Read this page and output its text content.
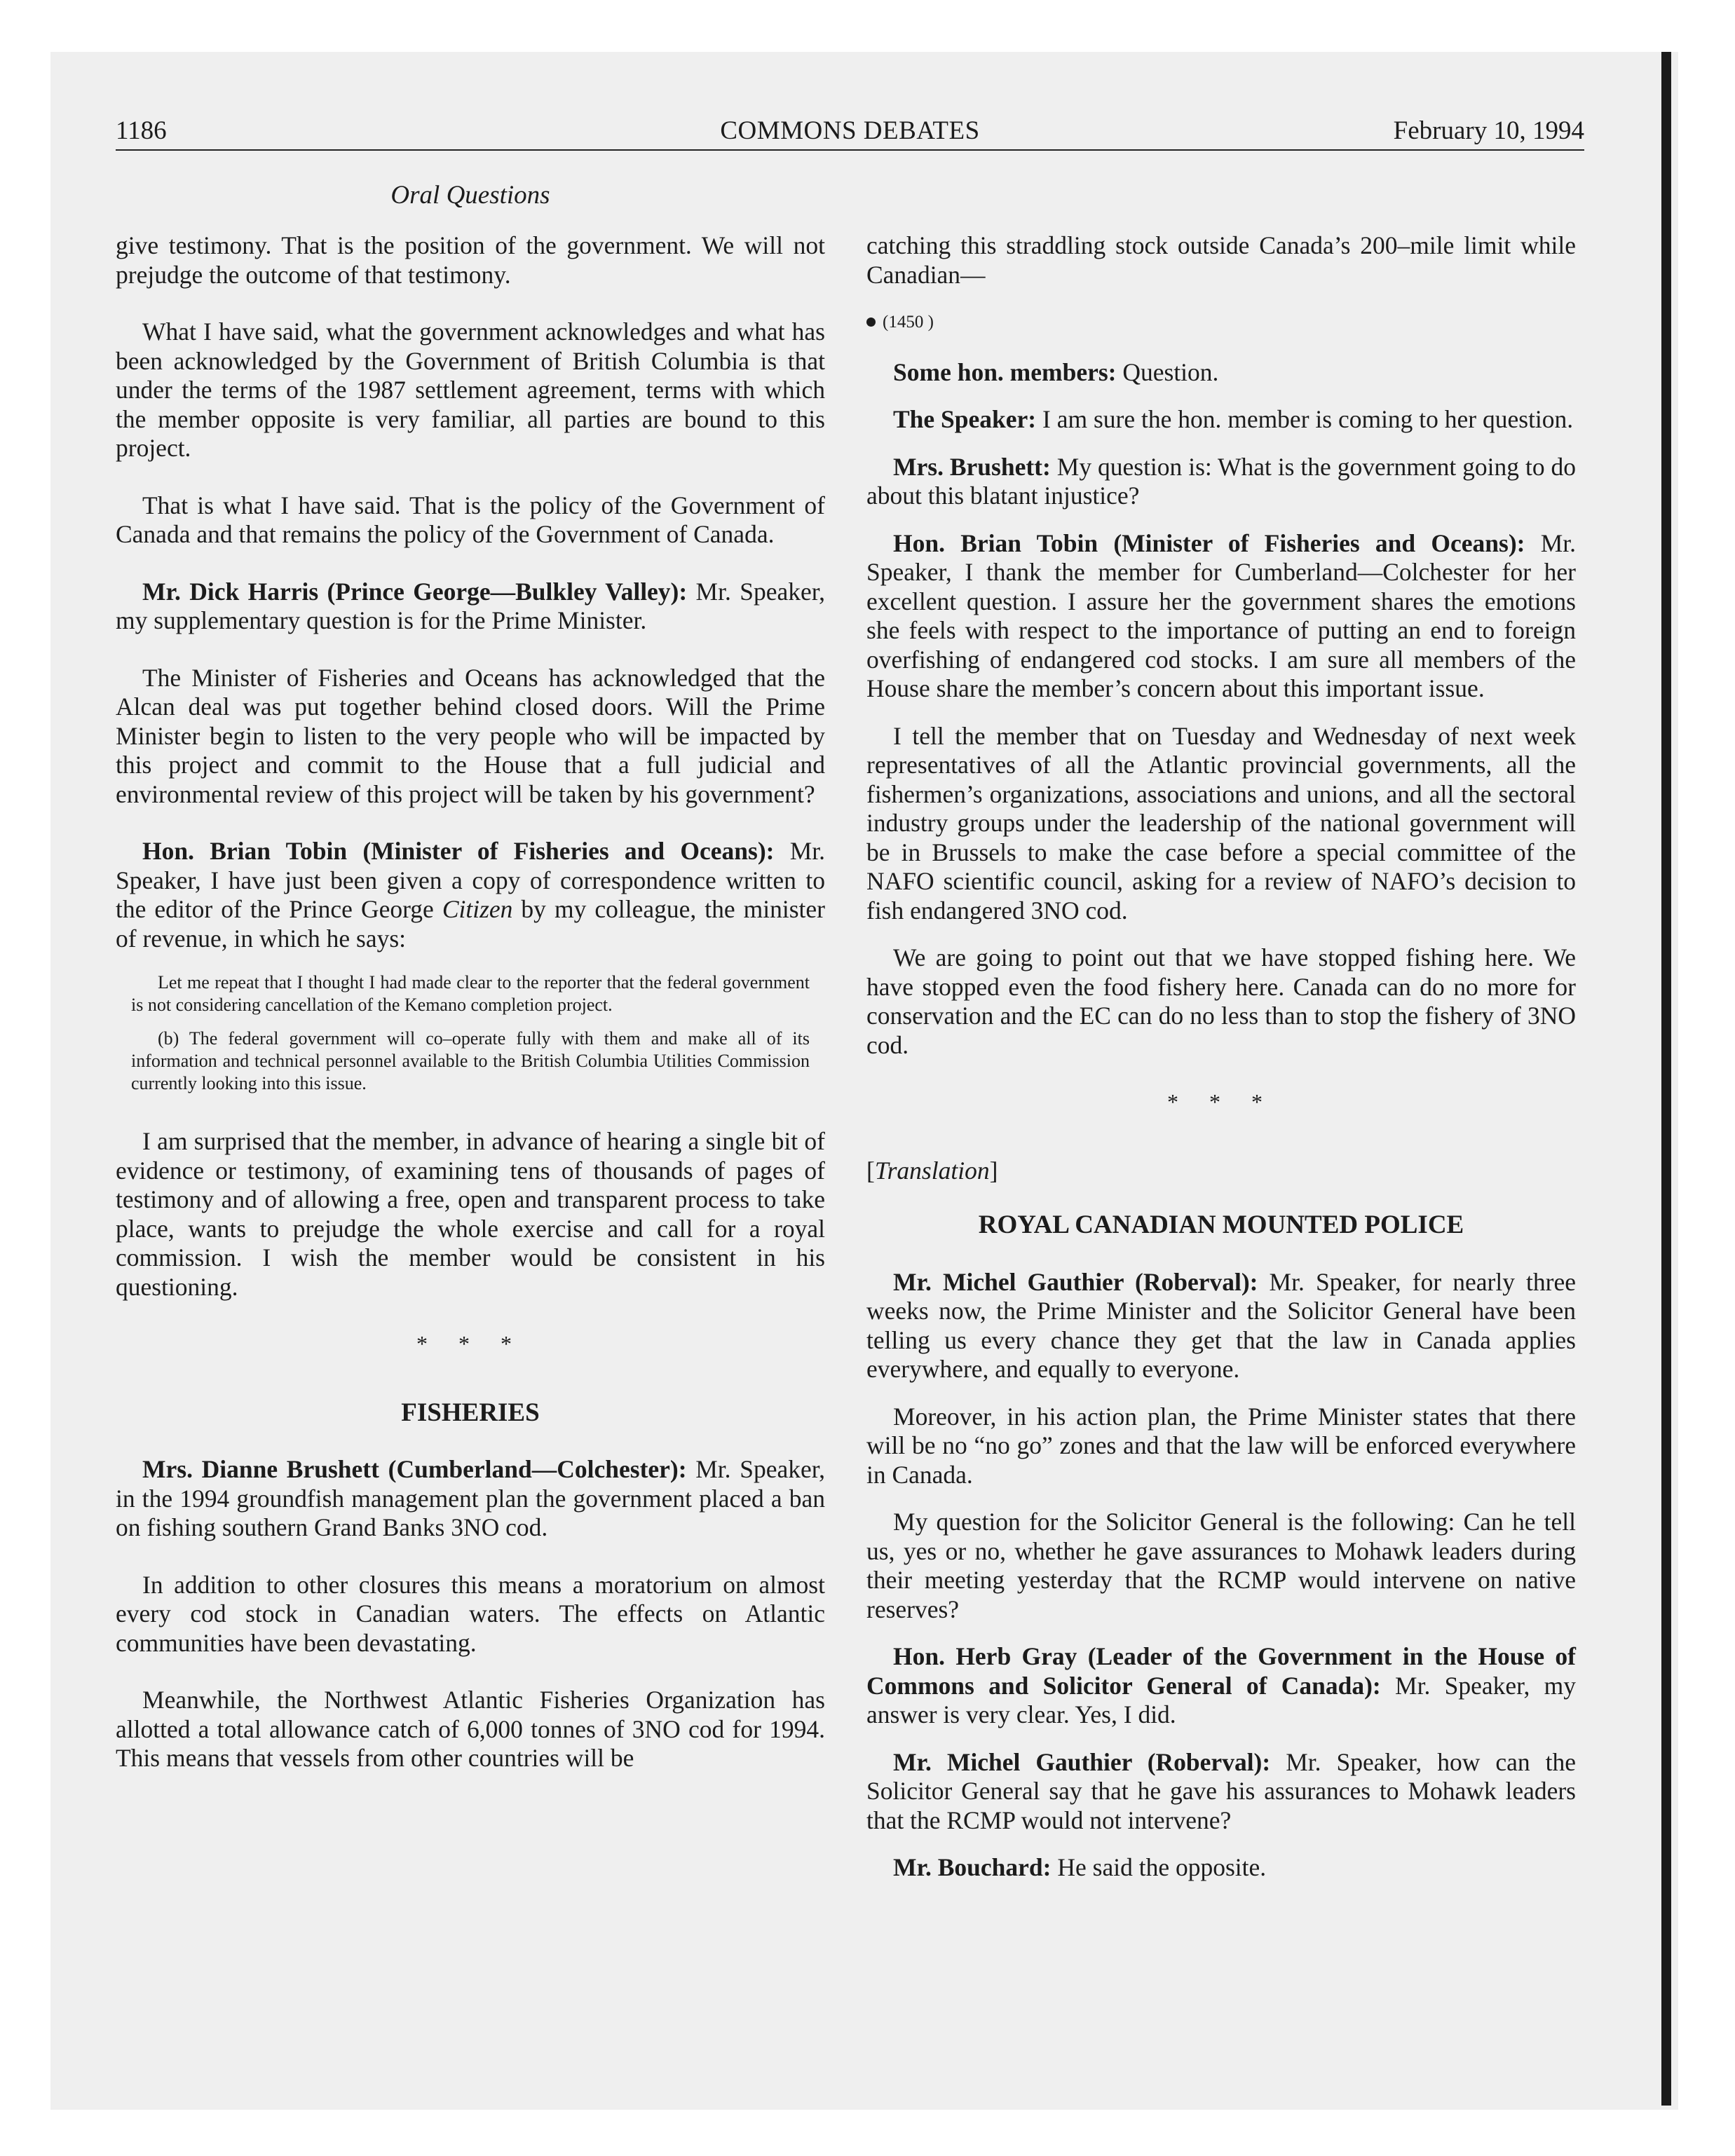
1186	COMMONS DEBATES	February 10, 1994
Oral Questions

give testimony. That is the position of the government. We will not prejudge the outcome of that testimony.

What I have said, what the government acknowledges and what has been acknowledged by the Government of British Columbia is that under the terms of the 1987 settlement agreement, terms with which the member opposite is very familiar, all parties are bound to this project.

That is what I have said. That is the policy of the Government of Canada and that remains the policy of the Government of Canada.

Mr. Dick Harris (Prince George—Bulkley Valley): Mr. Speaker, my supplementary question is for the Prime Minister.

The Minister of Fisheries and Oceans has acknowledged that the Alcan deal was put together behind closed doors. Will the Prime Minister begin to listen to the very people who will be impacted by this project and commit to the House that a full judicial and environmental review of this project will be taken by his government?

Hon. Brian Tobin (Minister of Fisheries and Oceans): Mr. Speaker, I have just been given a copy of correspondence written to the editor of the Prince George Citizen by my colleague, the minister of revenue, in which he says:

Let me repeat that I thought I had made clear to the reporter that the federal government is not considering cancellation of the Kemano completion project.
(b) The federal government will co–operate fully with them and make all of its information and technical personnel available to the British Columbia Utilities Commission currently looking into this issue.

I am surprised that the member, in advance of hearing a single bit of evidence or testimony, of examining tens of thousands of pages of testimony and of allowing a free, open and transparent process to take place, wants to prejudge the whole exercise and call for a royal commission. I wish the member would be consistent in his questioning.

* * *
FISHERIES

Mrs. Dianne Brushett (Cumberland—Colchester): Mr. Speaker, in the 1994 groundfish management plan the government placed a ban on fishing southern Grand Banks 3NO cod.

In addition to other closures this means a moratorium on almost every cod stock in Canadian waters. The effects on Atlantic communities have been devastating.

Meanwhile, the Northwest Atlantic Fisheries Organization has allotted a total allowance catch of 6,000 tonnes of 3NO cod for 1994. This means that vessels from other countries will be

catching this straddling stock outside Canada’s 200–mile limit while Canadian—

(1450 )

Some hon. members: Question.

The Speaker: I am sure the hon. member is coming to her question.

Mrs. Brushett: My question is: What is the government going to do about this blatant injustice?

Hon. Brian Tobin (Minister of Fisheries and Oceans): Mr. Speaker, I thank the member for Cumberland—Colchester for her excellent question. I assure her the government shares the emotions she feels with respect to the importance of putting an end to foreign overfishing of endangered cod stocks. I am sure all members of the House share the member’s concern about this important issue.

I tell the member that on Tuesday and Wednesday of next week representatives of all the Atlantic provincial governments, all the fishermen’s organizations, associations and unions, and all the sectoral industry groups under the leadership of the national government will be in Brussels to make the case before a special committee of the NAFO scientific council, asking for a review of NAFO’s decision to fish endangered 3NO cod.

We are going to point out that we have stopped fishing here. We have stopped even the food fishery here. Canada can do no more for conservation and the EC can do no less than to stop the fishery of 3NO cod.

* * *
[Translation]
ROYAL CANADIAN MOUNTED POLICE

Mr. Michel Gauthier (Roberval): Mr. Speaker, for nearly three weeks now, the Prime Minister and the Solicitor General have been telling us every chance they get that the law in Canada applies everywhere, and equally to everyone.

Moreover, in his action plan, the Prime Minister states that there will be no “no go” zones and that the law will be enforced everywhere in Canada.

My question for the Solicitor General is the following: Can he tell us, yes or no, whether he gave assurances to Mohawk leaders during their meeting yesterday that the RCMP would intervene on native reserves?

Hon. Herb Gray (Leader of the Government in the House of Commons and Solicitor General of Canada): Mr. Speaker, my answer is very clear. Yes, I did.

Mr. Michel Gauthier (Roberval): Mr. Speaker, how can the Solicitor General say that he gave his assurances to Mohawk leaders that the RCMP would not intervene?

Mr. Bouchard: He said the opposite.
